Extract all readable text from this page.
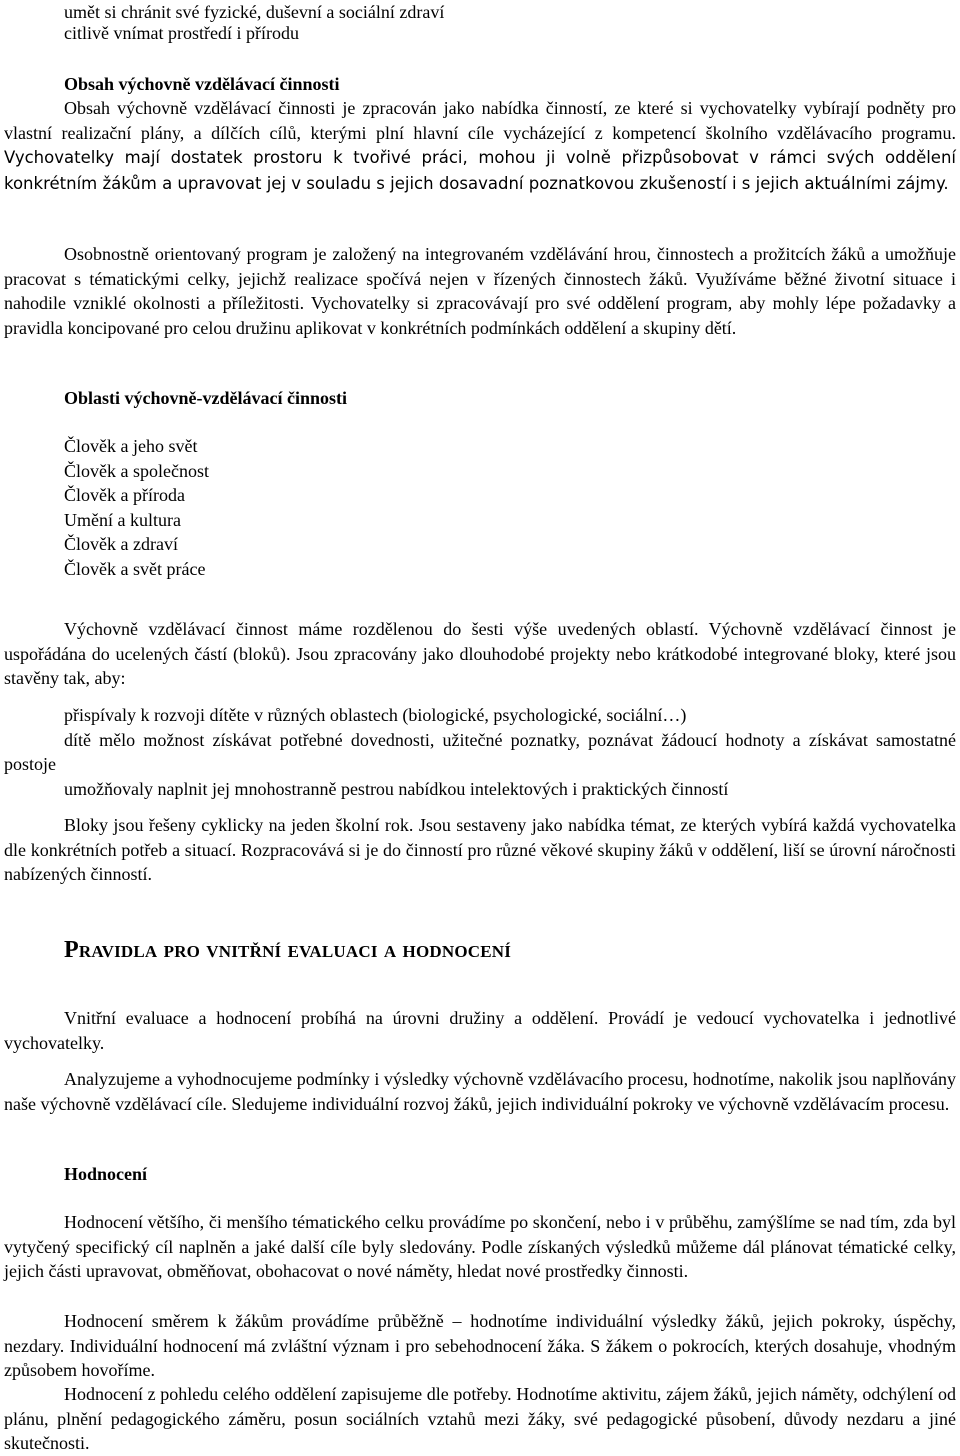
umět si chránit své fyzické, duševní a sociální zdraví
citlivě vnímat prostředí i přírodu
Obsah výchovně vzdělávací činnosti

Obsah výchovně vzdělávací činnosti je zpracován jako nabídka činností, ze které si vychovatelky vybírají podněty pro vlastní realizační plány, a dílčích cílů, kterými plní hlavní cíle vycházející z kompetencí školního vzdělávacího programu. Vychovatelky mají dostatek prostoru k tvořivé práci, mohou ji volně přizpůsobovat v rámci svých oddělení konkrétním žákům a upravovat jej v souladu s jejich dosavadní poznatkovou zkušeností i s jejich aktuálními zájmy.

Osobnostně orientovaný program je založený na integrovaném vzdělávání hrou, činnostech a prožitcích žáků a umožňuje pracovat s tématickými celky, jejichž realizace spočívá nejen v řízených činnostech žáků. Využíváme běžné životní situace i nahodile vzniklé okolnosti a příležitosti. Vychovatelky si zpracovávají pro své oddělení program, aby mohly lépe požadavky a pravidla koncipované pro celou družinu aplikovat v konkrétních podmínkách oddělení a skupiny dětí.

Oblasti výchovně-vzdělávací činnosti
Člověk a jeho svět
Člověk a společnost
Člověk a příroda
Umění a kultura
Člověk a zdraví
Člověk a svět práce

Výchovně vzdělávací činnost máme rozdělenou do šesti výše uvedených oblastí. Výchovně vzdělávací činnost je uspořádána do ucelených částí (bloků). Jsou zpracovány jako dlouhodobé projekty nebo krátkodobé integrované bloky, které jsou stavěny tak, aby:

přispívaly k rozvoji dítěte v různých oblastech (biologické, psychologické, sociální…)

dítě mělo možnost získávat potřebné dovednosti, užitečné poznatky, poznávat žádoucí hodnoty a získávat samostatné postoje

umožňovaly naplnit jej mnohostranně pestrou nabídkou intelektových i praktických činností

Bloky jsou řešeny cyklicky na jeden školní rok. Jsou sestaveny jako nabídka témat, ze kterých vybírá každá vychovatelka dle konkrétních potřeb a situací. Rozpracovává si je do činností pro různé věkové skupiny žáků v oddělení, liší se úrovní náročnosti nabízených činností.

Pravidla pro vnitřní evaluaci a hodnocení

Vnitřní evaluace a hodnocení probíhá na úrovni družiny a oddělení. Provádí je vedoucí vychovatelka i jednotlivé vychovatelky.

Analyzujeme a vyhodnocujeme podmínky i výsledky výchovně vzdělávacího procesu, hodnotíme, nakolik jsou naplňovány naše výchovně vzdělávací cíle. Sledujeme individuální rozvoj žáků, jejich individuální pokroky ve výchovně vzdělávacím procesu.

Hodnocení

Hodnocení většího, či menšího tématického celku provádíme po skončení, nebo i v průběhu, zamýšlíme se nad tím, zda byl vytyčený specifický cíl naplněn a jaké další cíle byly sledovány. Podle získaných výsledků můžeme dál plánovat tématické celky, jejich části upravovat, obměňovat, obohacovat o nové náměty, hledat nové prostředky činnosti.

Hodnocení směrem k žákům provádíme průběžně – hodnotíme individuální výsledky žáků, jejich pokroky, úspěchy, nezdary. Individuální hodnocení má zvláštní význam i pro sebehodnocení žáka. S žákem o pokrocích, kterých dosahuje, vhodným způsobem hovoříme.

Hodnocení z pohledu celého oddělení zapisujeme dle potřeby. Hodnotíme aktivitu, zájem žáků, jejich náměty, odchýlení od plánu, plnění pedagogického záměru, posun sociálních vztahů mezi žáky, své pedagogické působení, důvody nezdaru a jiné skutečnosti.
